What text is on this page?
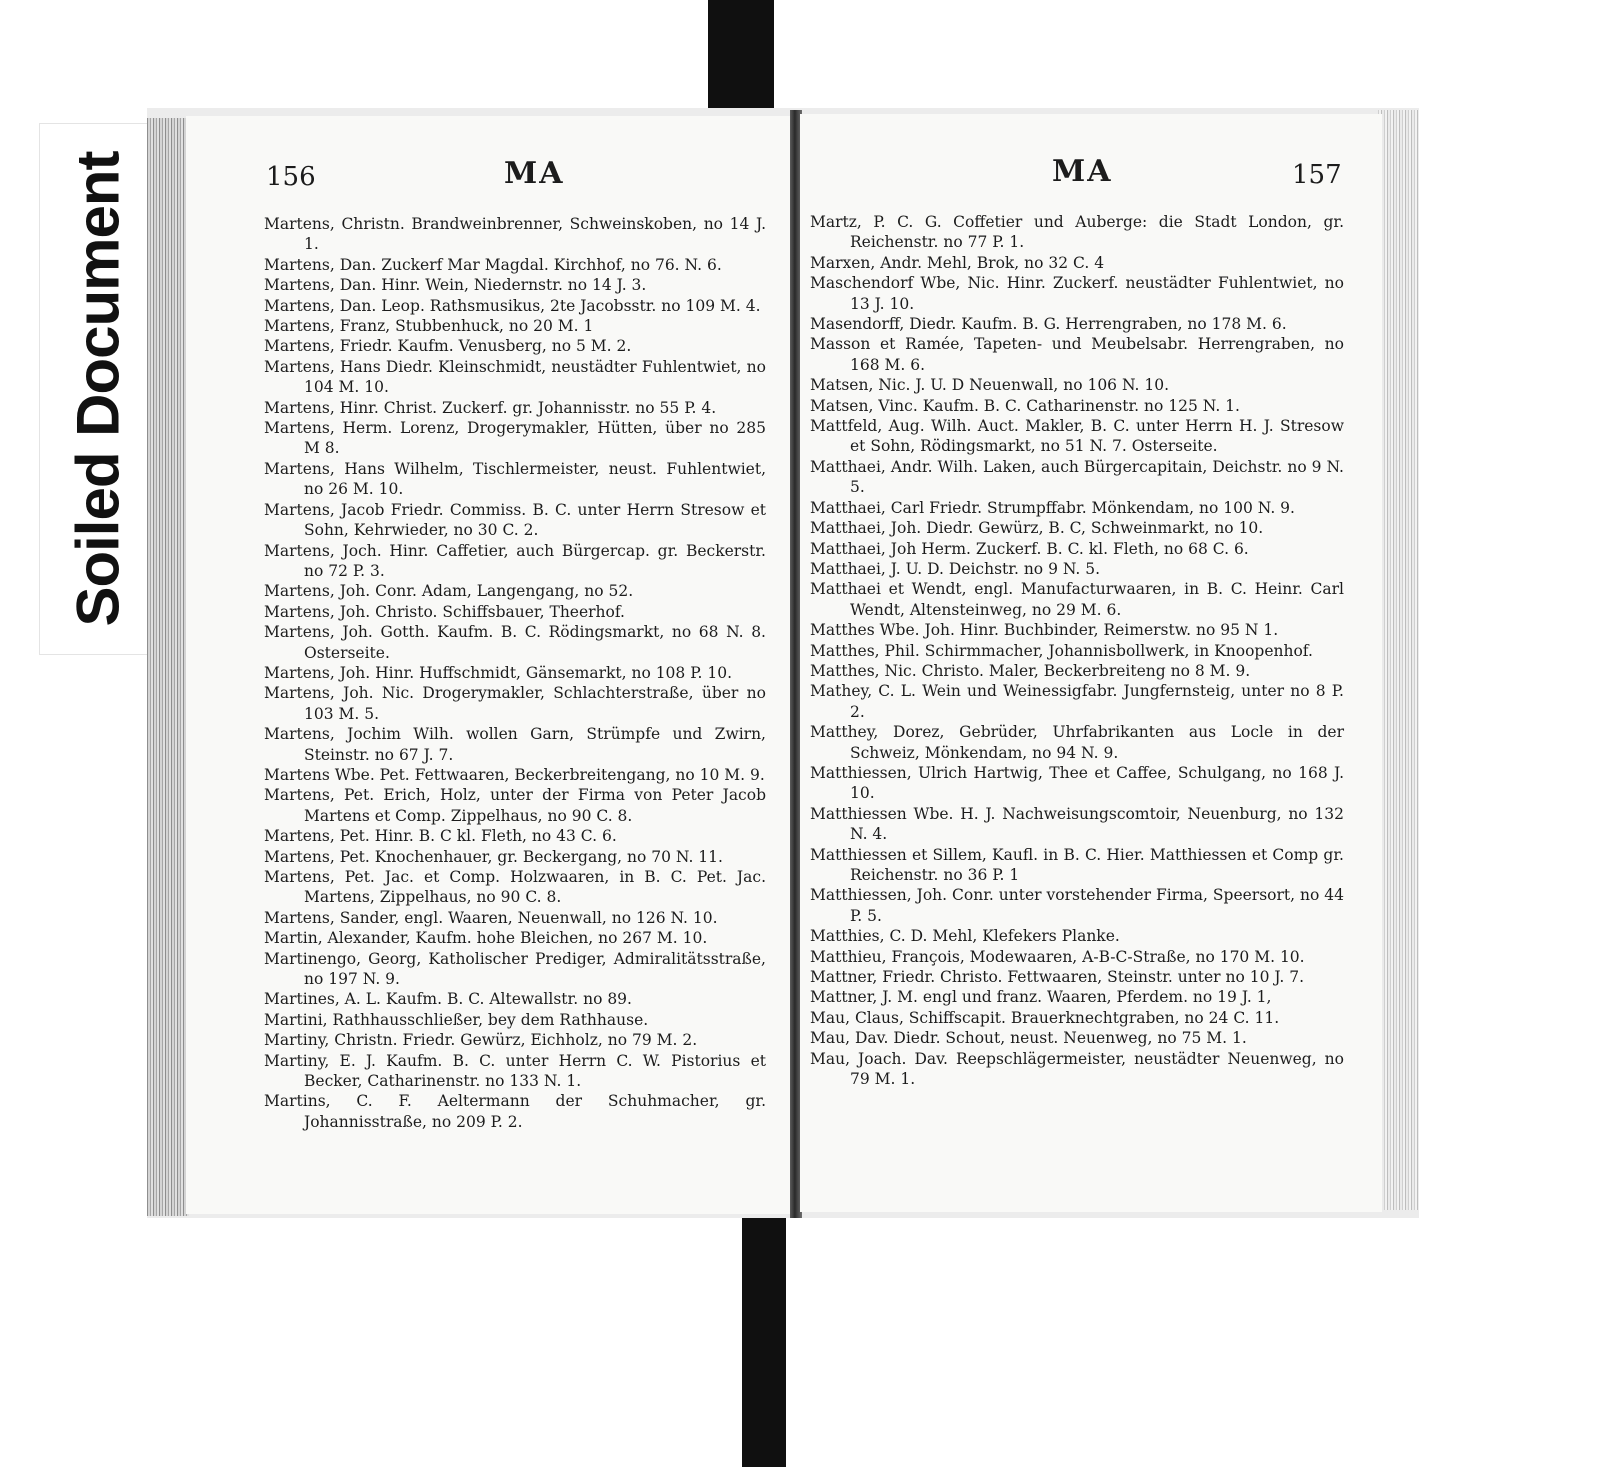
Soiled Document	156	MA
Martens, Christn. Brandweinbrenner, Schweinskoben, no 14 J. 1.
Martens, Dan. Zuckerf Mar Magdal. Kirchhof, no 76. N. 6.
Martens, Dan. Hinr. Wein, Niedernstr. no 14 J. 3.
Martens, Dan. Leop. Rathsmusikus, 2te Jacobsstr. no 109 M. 4.
Martens, Franz, Stubbenhuck, no 20 M. 1
Martens, Friedr. Kaufm. Venusberg, no 5 M. 2.
Martens, Hans Diedr. Kleinschmidt, neustädter Fuhlentwiet, no 104 M. 10.
Martens, Hinr. Christ. Zuckerf. gr. Johannisstr. no 55 P. 4.
Martens, Herm. Lorenz, Drogerymakler, Hütten, über no 285 M 8.
Martens, Hans Wilhelm, Tischlermeister, neust. Fuhlentwiet, no 26 M. 10.
Martens, Jacob Friedr. Commiss. B. C. unter Herrn Stresow et Sohn, Kehrwieder, no 30 C. 2.
Martens, Joch. Hinr. Caffetier, auch Bürgercap. gr. Beckerstr. no 72 P. 3.
Martens, Joh. Conr. Adam, Langengang, no 52.
Martens, Joh. Christo. Schiffsbauer, Theerhof.
Martens, Joh. Gotth. Kaufm. B. C. Rödingsmarkt, no 68 N. 8. Osterseite.
Martens, Joh. Hinr. Huffschmidt, Gänsemarkt, no 108 P. 10.
Martens, Joh. Nic. Drogerymakler, Schlachterstraße, über no 103 M. 5.
Martens, Jochim Wilh. wollen Garn, Strümpfe und Zwirn, Steinstr. no 67 J. 7.
Martens Wbe. Pet. Fettwaaren, Beckerbreitengang, no 10 M. 9.
Martens, Pet. Erich, Holz, unter der Firma von Peter Jacob Martens et Comp. Zippelhaus, no 90 C. 8.
Martens, Pet. Hinr. B. C kl. Fleth, no 43 C. 6.
Martens, Pet. Knochenhauer, gr. Beckergang, no 70 N. 11.
Martens, Pet. Jac. et Comp. Holzwaaren, in B. C. Pet. Jac. Martens, Zippelhaus, no 90 C. 8.
Martens, Sander, engl. Waaren, Neuenwall, no 126 N. 10.
Martin, Alexander, Kaufm. hohe Bleichen, no 267 M. 10.
Martinengo, Georg, Katholischer Prediger, Admiralitätsstraße, no 197 N. 9.
Martines, A. L. Kaufm. B. C. Altewallstr. no 89.
Martini, Rathhausschließer, bey dem Rathhause.
Martiny, Christn. Friedr. Gewürz, Eichholz, no 79 M. 2.
Martiny, E. J. Kaufm. B. C. unter Herrn C. W. Pistorius et Becker, Catharinenstr. no 133 N. 1.
Martins, C. F. Aeltermann der Schuhmacher, gr. Johannisstraße, no 209 P. 2.
157
MA
Martz, P. C. G. Coffetier und Auberge: die Stadt London, gr. Reichenstr. no 77 P. 1.
Marxen, Andr. Mehl, Brok, no 32 C. 4
Maschendorf Wbe, Nic. Hinr. Zuckerf. neustädter Fuhlentwiet, no 13 J. 10.
Masendorff, Diedr. Kaufm. B. G. Herrengraben, no 178 M. 6.
Masson et Ramée, Tapeten- und Meubelsabr. Herrengraben, no 168 M. 6.
Matsen, Nic. J. U. D Neuenwall, no 106 N. 10.
Matsen, Vinc. Kaufm. B. C. Catharinenstr. no 125 N. 1.
Mattfeld, Aug. Wilh. Auct. Makler, B. C. unter Herrn H. J. Stresow et Sohn, Rödingsmarkt, no 51 N. 7. Osterseite.
Matthaei, Andr. Wilh. Laken, auch Bürgercapitain, Deichstr. no 9 N. 5.
Matthaei, Carl Friedr. Strumpffabr. Mönkendam, no 100 N. 9.
Matthaei, Joh. Diedr. Gewürz, B. C, Schweinmarkt, no 10.
Matthaei, Joh Herm. Zuckerf. B. C. kl. Fleth, no 68 C. 6.
Matthaei, J. U. D. Deichstr. no 9 N. 5.
Matthaei et Wendt, engl. Manufacturwaaren, in B. C. Heinr. Carl Wendt, Altensteinweg, no 29 M. 6.
Matthes Wbe. Joh. Hinr. Buchbinder, Reimerstw. no 95 N 1.
Matthes, Phil. Schirmmacher, Johannisbollwerk, in Knoopenhof.
Matthes, Nic. Christo. Maler, Beckerbreiteng no 8 M. 9.
Mathey, C. L. Wein und Weinessigfabr. Jungfernsteig, unter no 8 P. 2.
Matthey, Dorez, Gebrüder, Uhrfabrikanten aus Locle in der Schweiz, Mönkendam, no 94 N. 9.
Matthiessen, Ulrich Hartwig, Thee et Caffee, Schulgang, no 168 J. 10.
Matthiessen Wbe. H. J. Nachweisungscomtoir, Neuenburg, no 132 N. 4.
Matthiessen et Sillem, Kaufl. in B. C. Hier. Matthiessen et Comp gr. Reichenstr. no 36 P. 1
Matthiessen, Joh. Conr. unter vorstehender Firma, Speersort, no 44 P. 5.
Matthies, C. D. Mehl, Klefekers Planke.
Matthieu, François, Modewaaren, A-B-C-Straße, no 170 M. 10.
Mattner, Friedr. Christo. Fettwaaren, Steinstr. unter no 10 J. 7.
Mattner, J. M. engl und franz. Waaren, Pferdem. no 19 J. 1,
Mau, Claus, Schiffscapit. Brauerknechtgraben, no 24 C. 11.
Mau, Dav. Diedr. Schout, neust. Neuenweg, no 75 M. 1.
Mau, Joach. Dav. Reepschlägermeister, neustädter Neuenweg, no 79 M. 1.
